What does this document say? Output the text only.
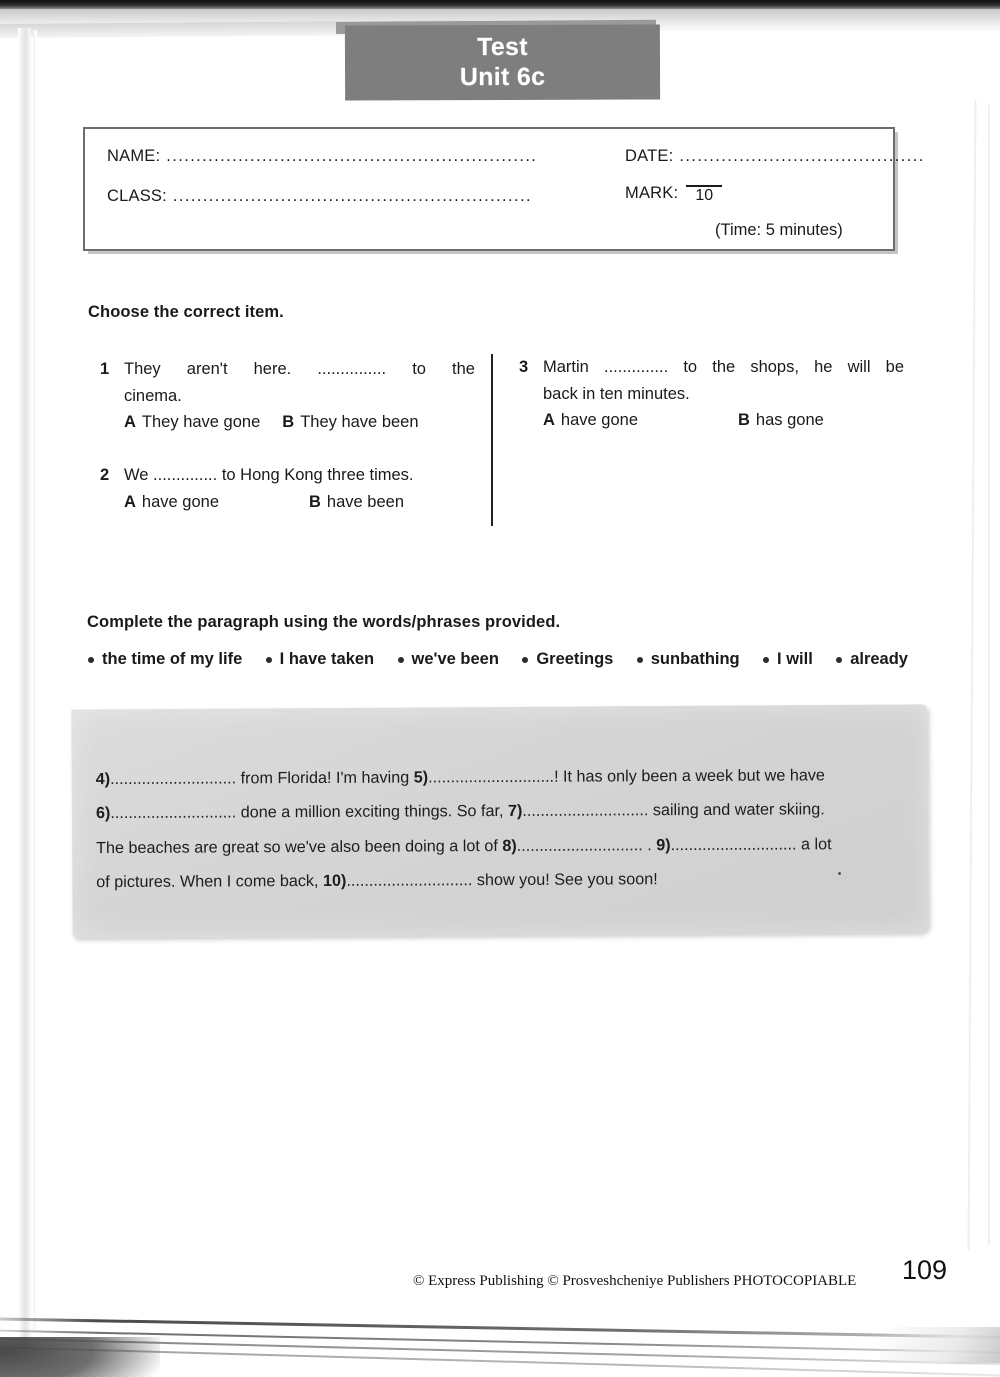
Test
Unit 6c
NAME: ..............................................................
CLASS: ............................................................
DATE: .........................................
MARK:	10
(Time: 5 minutes)
Choose the correct item.
1 They aren't here. ............... to the
cinema.
A They have gone B They have been
2 We .............. to Hong Kong three times.
A have gone	B have been
3 Martin .............. to the shops, he will be
back in ten minutes.
A have gone	B has gone
Complete the paragraph using the words/phrases provided.
the time of my life I have taken we've been Greetings sunbathing I will already
4)............................ from Florida! I'm having 5)............................! It has only been a week but we have
6)............................ done a million exciting things. So far, 7)............................ sailing and water skiing.
The beaches are great so we've also been doing a lot of 8)............................ . 9)............................ a lot
of pictures. When I come back, 10)............................ show you! See you soon!
© Express Publishing © Prosveshcheniye Publishers PHOTOCOPIABLE 109
